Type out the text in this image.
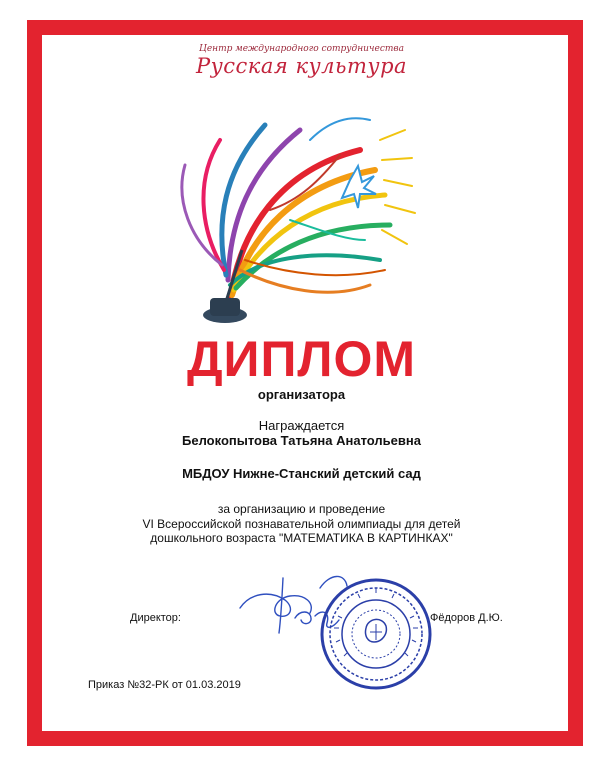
Центр международного сотрудничества
Русская культура
ДИПЛОМ
организатора
Награждается
Белокопытова Татьяна Анатольевна
МБДОУ Нижне-Станский детский сад
за организацию и проведение
VI Всероссийской познавательной олимпиады для детей
дошкольного возраста "МАТЕМАТИКА В КАРТИНКАХ"
Директор:	Фёдоров Д.Ю.
Приказ №32-РК от 01.03.2019
